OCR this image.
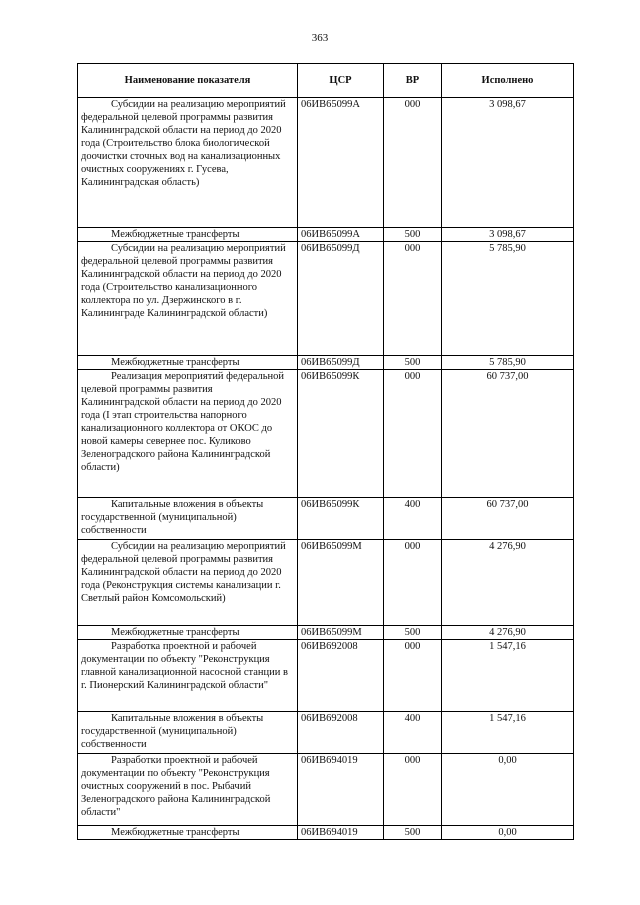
363
Наименование показателя	ЦСР	ВР	Исполнено

Субсидии на реализацию мероприятий федеральной целевой программы развития Калининградской области на период до 2020 года (Строительство блока биологической доочистки сточных вод на канализационных очистных сооружениях г. Гусева, Калининградская область)	06ИВ65099А	000	3 098,67
Межбюджетные трансферты	06ИВ65099А	500	3 098,67

Субсидии на реализацию мероприятий федеральной целевой программы развития Калининградской области на период до 2020 года (Строительство канализационного коллектора по ул. Дзержинского в г. Калининграде Калининградской области)	06ИВ65099Д	000	5 785,90
Межбюджетные трансферты	06ИВ65099Д	500	5 785,90

Реализация мероприятий федеральной целевой программы развития Калининградской области на период до 2020 года (I этап строительства напорного канализационного коллектора от ОКОС до новой камеры севернее пос. Куликово Зеленоградского района Калининградской области)	06ИВ65099К	000	60 737,00

Капитальные вложения в объекты государственной (муниципальной) собственности	06ИВ65099К	400	60 737,00

Субсидии на реализацию мероприятий федеральной целевой программы развития Калининградской области на период до 2020 года (Реконструкция системы канализации г. Светлый район Комсомольский)	06ИВ65099М	000	4 276,90
Межбюджетные трансферты	06ИВ65099М	500	4 276,90

Разработка проектной и рабочей документации по объекту "Реконструкция главной канализационной насосной станции в г. Пионерский Калининградской области"	06ИВ692008	000	1 547,16

Капитальные вложения в объекты государственной (муниципальной) собственности	06ИВ692008	400	1 547,16

Разработки проектной и рабочей документации по объекту "Реконструкция очистных сооружений в пос. Рыбачий Зеленоградского района Калининградской области"	06ИВ694019	000	0,00
Межбюджетные трансферты	06ИВ694019	500	0,00
